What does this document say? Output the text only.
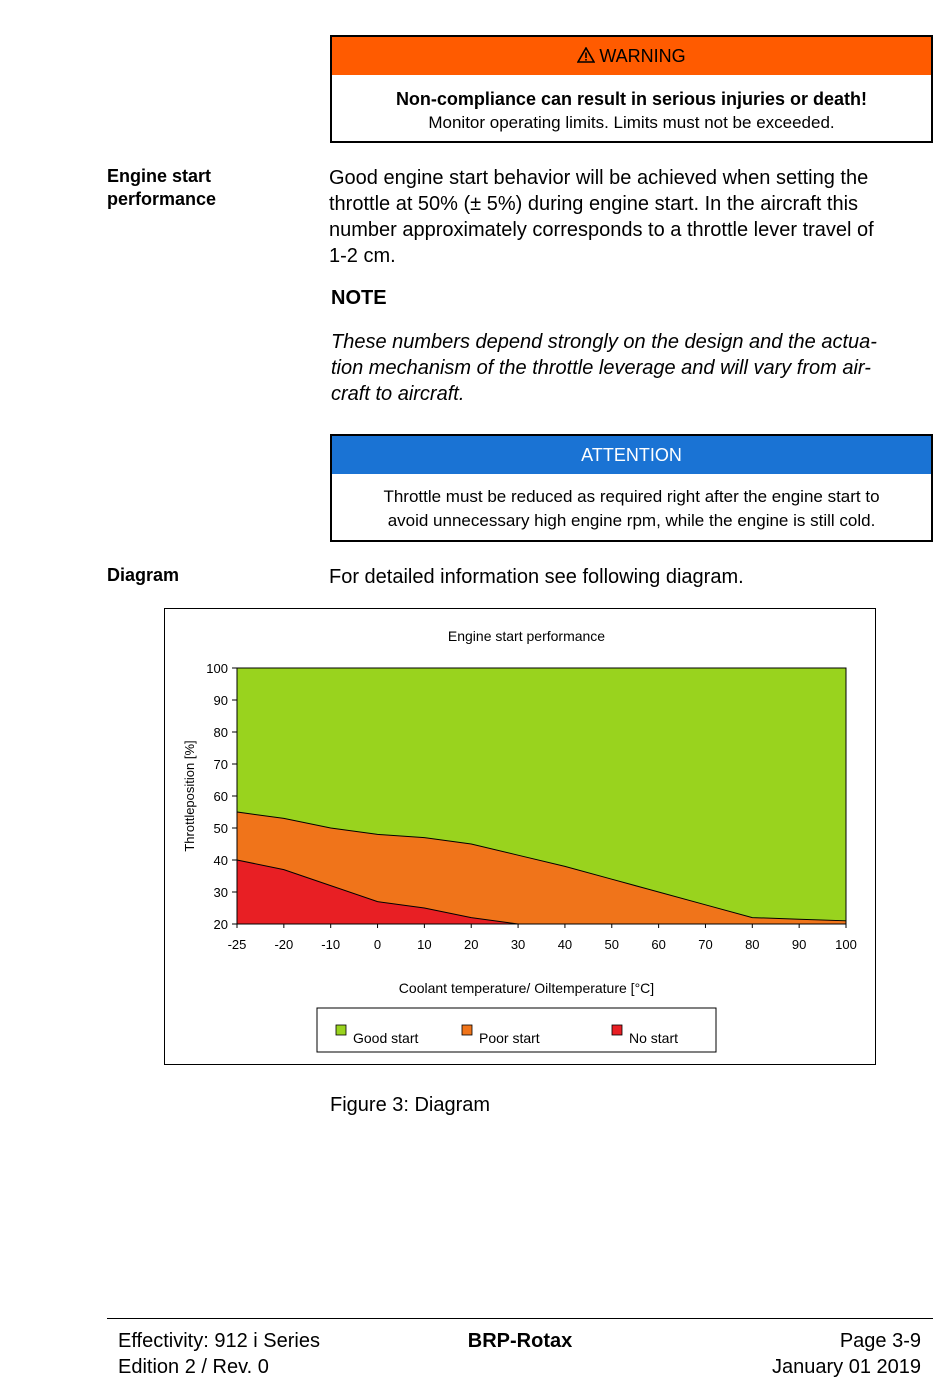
WARNING
Non-compliance can result in serious injuries or death!
Monitor operating limits. Limits must not be exceeded.
Engine start
performance
Good engine start behavior will be achieved when setting the
throttle at 50% (± 5%) during engine start. In the aircraft this
number approximately corresponds to a throttle lever travel of
1-2 cm.
NOTE
These numbers depend strongly on the design and the actua-
tion mechanism of the throttle leverage and will vary from air-
craft to aircraft.
ATTENTION
Throttle must be reduced as required right after the engine start to
avoid unnecessary high engine rpm, while the engine is still cold.
Diagram	For detailed information see following diagram.
Engine start performance
100
90
80
70
60
50
40
30
20
-25 -20 -10	0	10 20 30 40 50 60 70 80 90 100
Throttleposition [%]
Coolant temperature/ Oiltemperature [°C]
Good start	Poor start	No start
Figure 3: Diagram
Effectivity: 912 i Series
Edition 2 / Rev. 0
BRP-Rotax	Page 3-9
January 01 2019
